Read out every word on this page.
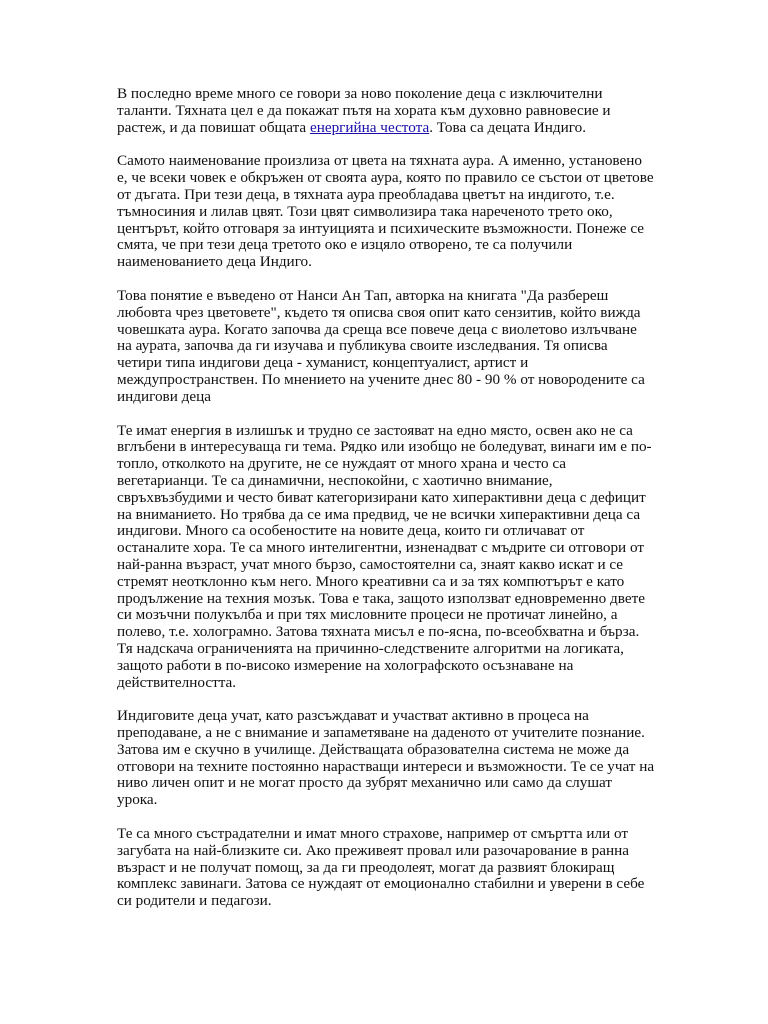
В последно време много се говори за ново поколение деца с изключителни таланти. Тяхната цел е да покажат пътя на хората към духовно равновесие и растеж, и да повишат общата енергийна честота. Това са децата Индиго.

Самото наименование произлиза от цвета на тяхната аура. А именно, установено е, че всеки човек е обкръжен от своята аура, която по правило се състои от цветове от дъгата. При тези деца, в тяхната аура преобладава цветът на индигото, т.е. тъмносиния и лилав цвят. Този цвят символизира така нареченото трето око, центърът, който отговаря за интуицията и психическите възможности. Понеже се смята, че при тези деца третото око е изцяло отворено, те са получили наименованието деца Индиго.

Това понятие е въведено от Нанси Ан Тап, авторка на книгата "Да разбереш любовта чрез цветовете", където тя описва своя опит като сензитив, който вижда човешката аура. Когато започва да среща все повече деца с виолетово излъчване на аурата, започва да ги изучава и публикува своите изследвания. Тя описва четири типа индигови деца - хуманист, концептуалист, артист и междупространствен. По мнението на учените днес 80 - 90 % от новородените са индигови деца

Те имат енергия в излишък и трудно се застояват на едно място, освен ако не са вглъбени в интересуваща ги тема. Рядко или изобщо не боледуват, винаги им е по-топло, отколкото на другите, не се нуждаят от много храна и често са вегетарианци. Те са динамични, неспокойни, с хаотично внимание, свръхвъзбудими и често биват категоризирани като хиперактивни деца с дефицит на вниманието. Но трябва да се има предвид, че не всички хиперактивни деца са индигови. Много са особеностите на новите деца, които ги отличават от останалите хора. Те са много интелигентни, изненадват с мъдрите си отговори от най-ранна възраст, учат много бързо, самостоятелни са, знаят какво искат и се стремят неотклонно към него. Много креативни са и за тях компютърът е като продължение на техния мозък. Това е така, защото използват едновременно двете си мозъчни полукълба и при тях мисловните процеси не протичат линейно, а полево, т.е. холограмно. Затова тяхната мисъл е по-ясна, по-всеобхватна и бърза. Тя надскача ограниченията на причинно-следствените алгоритми на логиката, защото работи в по-високо измерение на холографското осъзнаване на действителността.

Индиговите деца учат, като разсъждават и участват активно в процеса на преподаване, а не с внимание и запаметяване на даденото от учителите познание. Затова им е скучно в училище. Действащата образователна система не може да отговори на техните постоянно нарастващи интереси и възможности. Те се учат на ниво личен опит и не могат просто да зубрят механично или само да слушат урока.

Те са много състрадателни и имат много страхове, например от смъртта или от загубата на най-близките си. Ако преживеят провал или разочарование в ранна възраст и не получат помощ, за да ги преодолеят, могат да развият блокиращ комплекс завинаги. Затова се нуждаят от емоционално стабилни и уверени в себе си родители и педагози.
